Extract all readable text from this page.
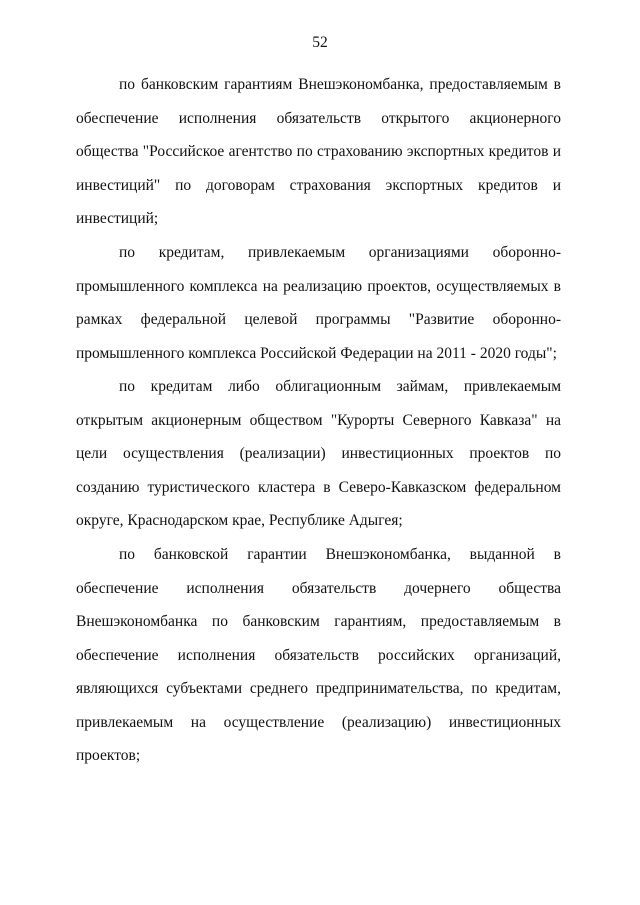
52

по банковским гарантиям Внешэкономбанка, предоставляемым в обеспечение исполнения обязательств открытого акционерного общества "Российское агентство по страхованию экспортных кредитов и инвестиций" по договорам страхования экспортных кредитов и инвестиций;

по кредитам, привлекаемым организациями оборонно-промышленного комплекса на реализацию проектов, осуществляемых в рамках федеральной целевой программы "Развитие оборонно-промышленного комплекса Российской Федерации на 2011 - 2020 годы";

по кредитам либо облигационным займам, привлекаемым открытым акционерным обществом "Курорты Северного Кавказа" на цели осуществления (реализации) инвестиционных проектов по созданию туристического кластера в Северо-Кавказском федеральном округе, Краснодарском крае, Республике Адыгея;

по банковской гарантии Внешэкономбанка, выданной в обеспечение исполнения обязательств дочернего общества Внешэкономбанка по банковским гарантиям, предоставляемым в обеспечение исполнения обязательств российских организаций, являющихся субъектами среднего предпринимательства, по кредитам, привлекаемым на осуществление (реализацию) инвестиционных проектов;
